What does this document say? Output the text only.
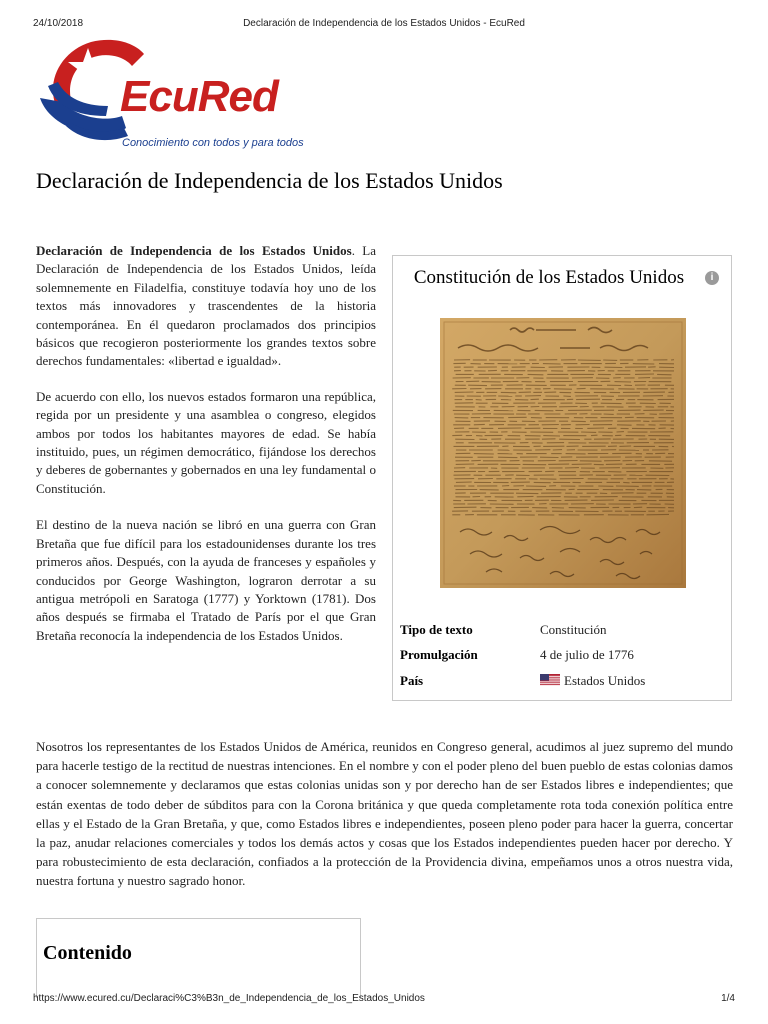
24/10/2018	Declaración de Independencia de los Estados Unidos - EcuRed
EcuRed
Conocimiento con todos y para todos
Declaración de Independencia de los Estados Unidos

Declaración de Independencia de los Estados Unidos. La Declaración de Independencia de los Estados Unidos, leída solemnemente en Filadelfia, constituye todavía hoy uno de los textos más innovadores y trascendentes de la historia contemporánea. En él quedaron proclamados dos principios básicos que recogieron posteriormente los grandes textos sobre derechos fundamentales: «libertad e igualdad».

De acuerdo con ello, los nuevos estados formaron una república, regida por un presidente y una asamblea o congreso, elegidos ambos por todos los habitantes mayores de edad. Se había instituido, pues, un régimen democrático, fijándose los derechos y deberes de gobernantes y gobernados en una ley fundamental o Constitución.

El destino de la nueva nación se libró en una guerra con Gran Bretaña que fue difícil para los estadounidenses durante los tres primeros años. Después, con la ayuda de franceses y españoles y conducidos por George Washington, lograron derrotar a su antigua metrópoli en Saratoga (1777) y Yorktown (1781). Dos años después se firmaba el Tratado de París por el que Gran Bretaña reconocía la independencia de los Estados Unidos.

Constitución de los Estados Unidos	i
Tipo de texto	Constitución
Promulgación	4 de julio de 1776
País	Estados Unidos

Nosotros los representantes de los Estados Unidos de América, reunidos en Congreso general, acudimos al juez supremo del mundo para hacerle testigo de la rectitud de nuestras intenciones. En el nombre y con el poder pleno del buen pueblo de estas colonias damos a conocer solemnemente y declaramos que estas colonias unidas son y por derecho han de ser Estados libres e independientes; que están exentas de todo deber de súbditos para con la Corona británica y que queda completamente rota toda conexión política entre ellas y el Estado de la Gran Bretaña, y que, como Estados libres e independientes, poseen pleno poder para hacer la guerra, concertar la paz, anudar relaciones comerciales y todos los demás actos y cosas que los Estados independientes pueden hacer por derecho. Y para robustecimiento de esta declaración, confiados a la protección de la Providencia divina, empeñamos unos a otros nuestra vida, nuestra fortuna y nuestro sagrado honor.

Contenido
https://www.ecured.cu/Declaraci%C3%B3n_de_Independencia_de_los_Estados_Unidos	1/4
